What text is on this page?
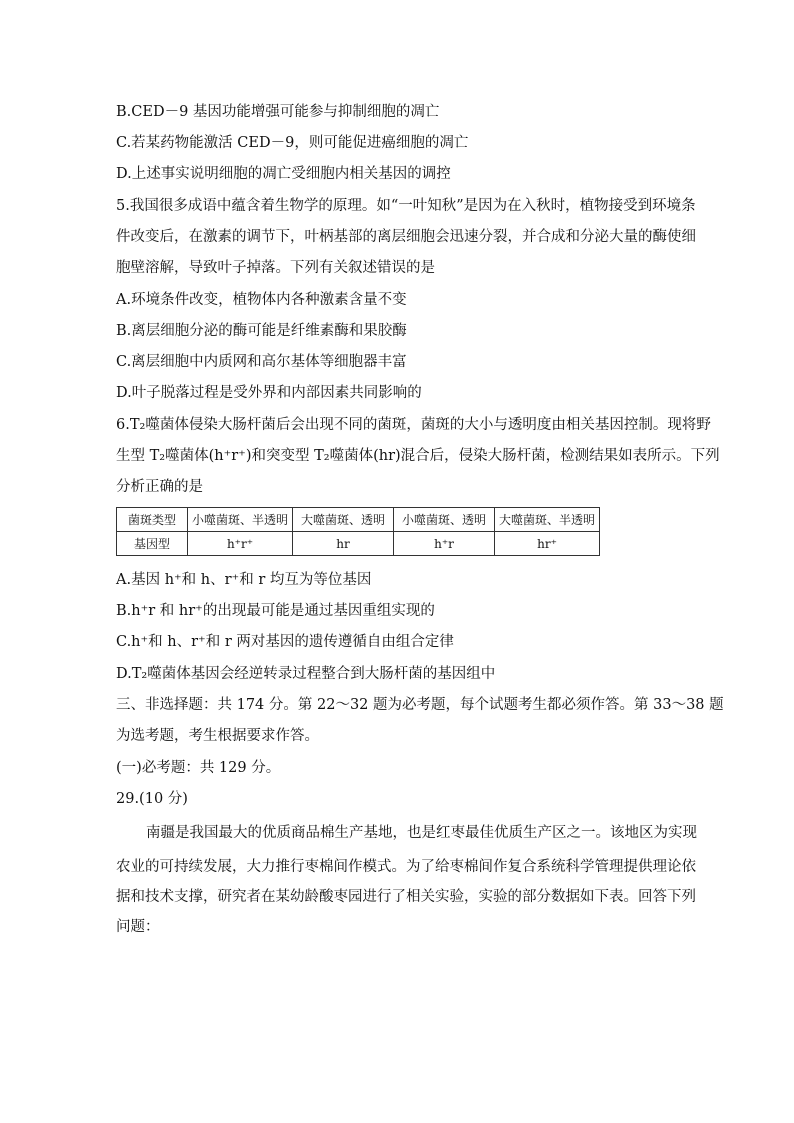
B.CED－9 基因功能增强可能参与抑制细胞的凋亡
C.若某药物能激活 CED－9，则可能促进癌细胞的凋亡
D.上述事实说明细胞的凋亡受细胞内相关基因的调控
5.我国很多成语中蕴含着生物学的原理。如“一叶知秋”是因为在入秋时，植物接受到环境条
件改变后，在激素的调节下，叶柄基部的离层细胞会迅速分裂，并合成和分泌大量的酶使细
胞壁溶解，导致叶子掉落。下列有关叙述错误的是
A.环境条件改变，植物体内各种激素含量不变
B.离层细胞分泌的酶可能是纤维素酶和果胶酶
C.离层细胞中内质网和高尔基体等细胞器丰富
D.叶子脱落过程是受外界和内部因素共同影响的
6.T₂噬菌体侵染大肠杆菌后会出现不同的菌斑，菌斑的大小与透明度由相关基因控制。现将野
生型 T₂噬菌体(h⁺r⁺)和突变型 T₂噬菌体(hr)混合后，侵染大肠杆菌，检测结果如表所示。下列
分析正确的是
菌斑类型	小噬菌斑、半透明	大噬菌斑、透明	小噬菌斑、透明	大噬菌斑、半透明
基因型	h⁺r⁺	hr	h⁺r	hr⁺
A.基因 h⁺和 h、r⁺和 r 均互为等位基因
B.h⁺r 和 hr⁺的出现最可能是通过基因重组实现的
C.h⁺和 h、r⁺和 r 两对基因的遗传遵循自由组合定律
D.T₂噬菌体基因会经逆转录过程整合到大肠杆菌的基因组中
三、非选择题：共 174 分。第 22～32 题为必考题，每个试题考生都必须作答。第 33～38 题
为选考题，考生根据要求作答。
(一)必考题：共 129 分。
29.(10 分)
南疆是我国最大的优质商品棉生产基地，也是红枣最佳优质生产区之一。该地区为实现
农业的可持续发展，大力推行枣棉间作模式。为了给枣棉间作复合系统科学管理提供理论依
据和技术支撑，研究者在某幼龄酸枣园进行了相关实验，实验的部分数据如下表。回答下列
问题：
